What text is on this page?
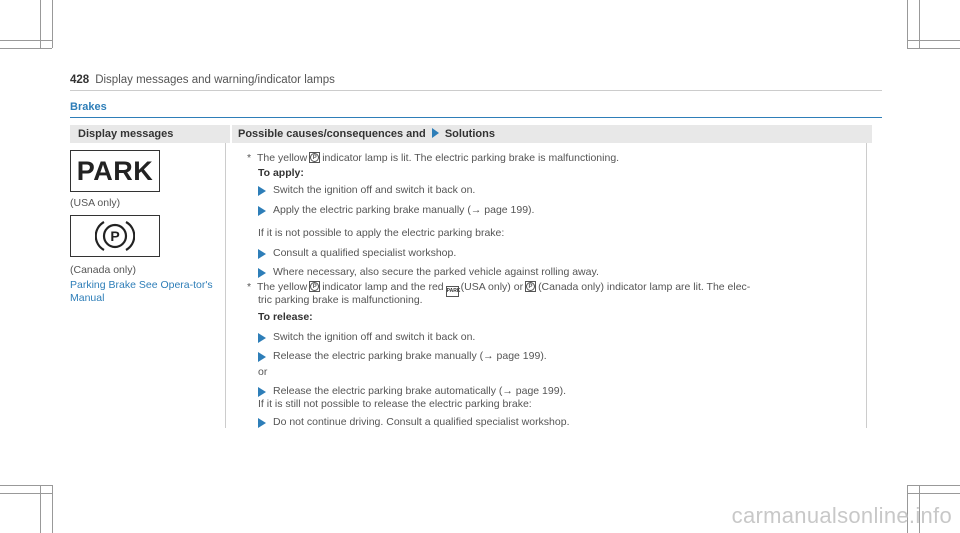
428 Display messages and warning/indicator lamps
Brakes
Display messages	Possible causes/consequences and Solutions
PARK
(USA only)
P
(Canada only)
Parking Brake See Opera-tor's Manual
* The yellow P indicator lamp is lit. The electric parking brake is malfunctioning.
To apply:
Switch the ignition off and switch it back on.
Apply the electric parking brake manually (→ page 199).
If it is not possible to apply the electric parking brake:
Consult a qualified specialist workshop.
Where necessary, also secure the parked vehicle against rolling away.
* The yellow P indicator lamp and the red PARK(USA only) or P (Canada only) indicator lamp are lit. The elec-
tric parking brake is malfunctioning.
To release:
Switch the ignition off and switch it back on.
Release the electric parking brake manually (→ page 199).
or
Release the electric parking brake automatically (→ page 199).
If it is still not possible to release the electric parking brake:
Do not continue driving. Consult a qualified specialist workshop.
carmanualsonline.info
